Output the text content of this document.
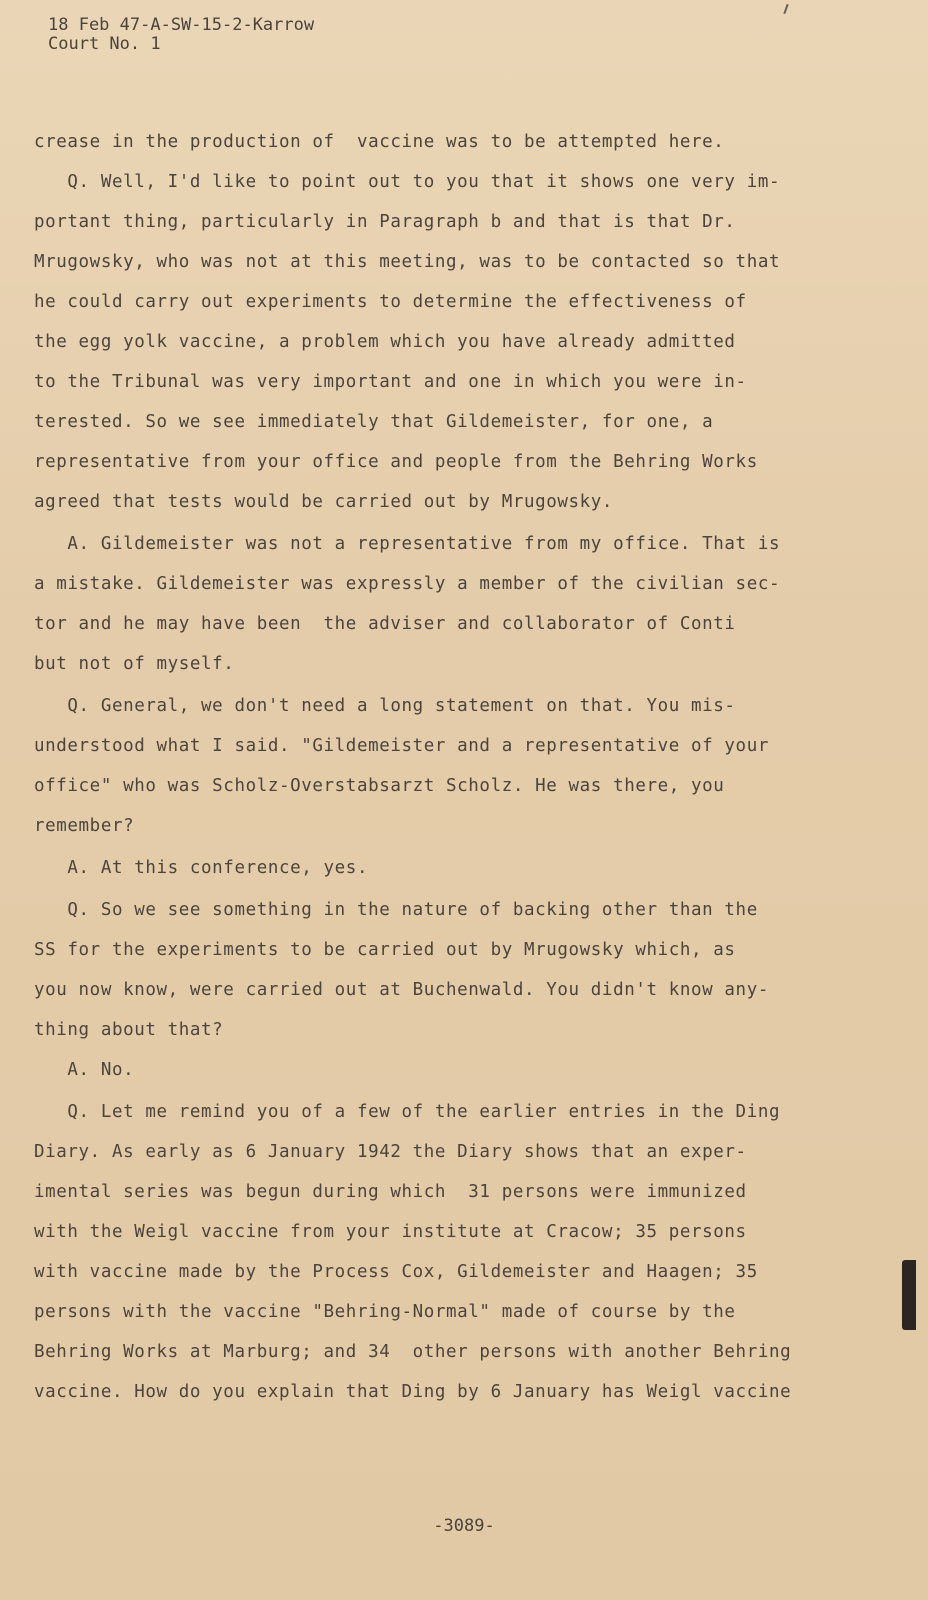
18 Feb 47-A-SW-15-2-Karrow
Court No. 1
crease in the production of  vaccine was to be attempted here.
Q. Well, I'd like to point out to you that it shows one very im-
portant thing, particularly in Paragraph b and that is that Dr.
Mrugowsky, who was not at this meeting, was to be contacted so that
he could carry out experiments to determine the effectiveness of
the egg yolk vaccine, a problem which you have already admitted
to the Tribunal was very important and one in which you were in-
terested. So we see immediately that Gildemeister, for one, a
representative from your office and people from the Behring Works
agreed that tests would be carried out by Mrugowsky.
A. Gildemeister was not a representative from my office. That is
a mistake. Gildemeister was expressly a member of the civilian sec-
tor and he may have been  the adviser and collaborator of Conti
but not of myself.
Q. General, we don't need a long statement on that. You mis-
understood what I said. "Gildemeister and a representative of your
office" who was Scholz-Overstabsarzt Scholz. He was there, you
remember?
A. At this conference, yes.
Q. So we see something in the nature of backing other than the
SS for the experiments to be carried out by Mrugowsky which, as
you now know, were carried out at Buchenwald. You didn't know any-
thing about that?
A. No.
Q. Let me remind you of a few of the earlier entries in the Ding
Diary. As early as 6 January 1942 the Diary shows that an exper-
imental series was begun during which  31 persons were immunized
with the Weigl vaccine from your institute at Cracow; 35 persons
with vaccine made by the Process Cox, Gildemeister and Haagen; 35
persons with the vaccine "Behring-Normal" made of course by the
Behring Works at Marburg; and 34  other persons with another Behring
vaccine. How do you explain that Ding by 6 January has Weigl vaccine
-3089-
